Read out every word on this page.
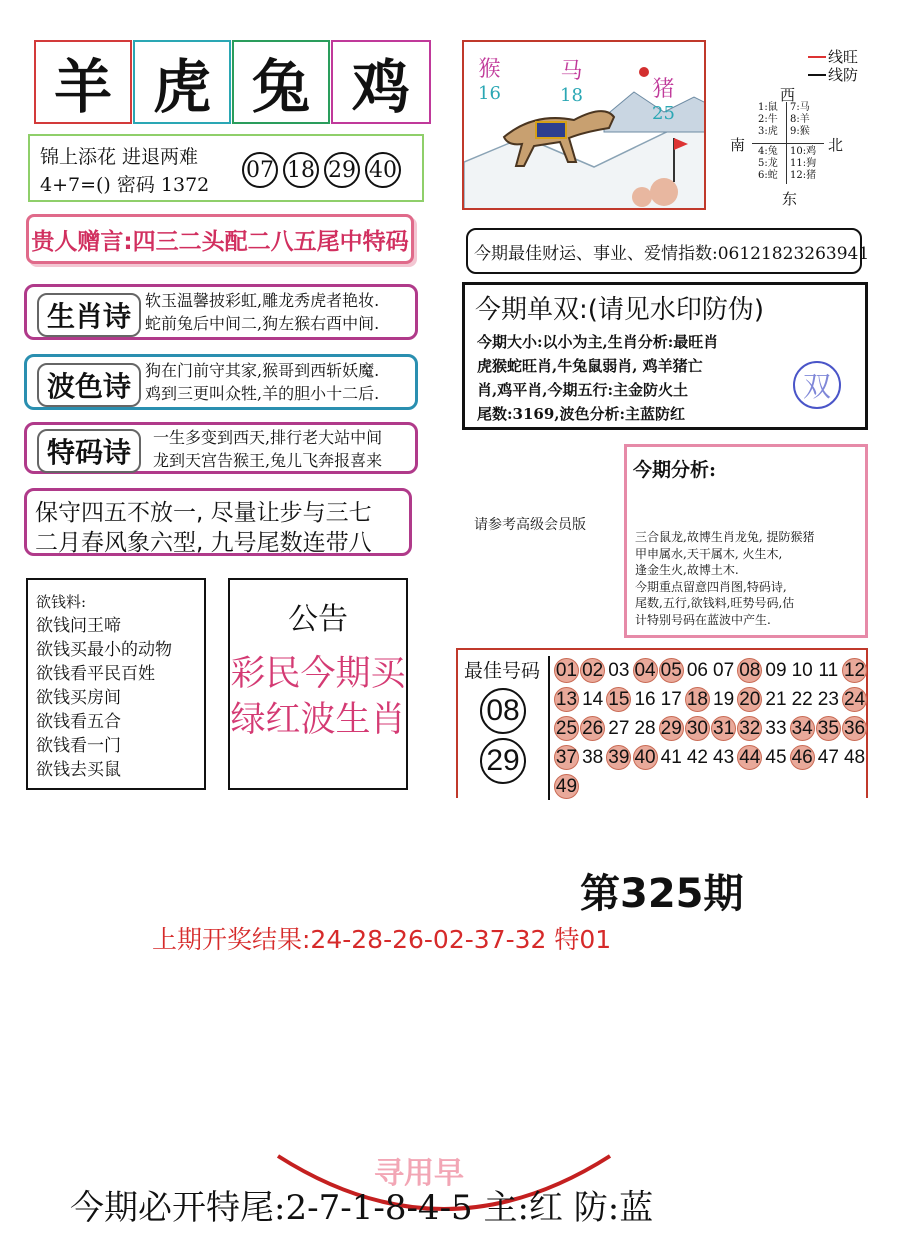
羊 虎 兔 鸡
锦上添花 进退两难
4+7=() 密码 1372
07 18 29 40
贵人赠言:四三二头配二八五尾中特码
生肖诗 软玉温馨披彩虹,雕龙秀虎者艳妆.
蛇前兔后中间二,狗左猴右酉中间.
波色诗 狗在门前守其家,猴哥到西斩妖魔.
鸡到三更叫众牲,羊的胆小十二后.
特码诗	一生多变到西天,排行老大站中间
龙到天宫告猴王,兔儿飞奔报喜来
保守四五不放一, 尽量让步与三七
二月春风象六型, 九号尾数连带八
欲钱料:
欲钱问王啼
欲钱买最小的动物
欲钱看平民百姓
欲钱买房间
欲钱看五合
欲钱看一门
欲钱去买鼠
公告
彩民今期买
绿红波生肖
猴
16
马
18	猪
25
线旺
线防
西
南	北
东
1:鼠
2:牛
3:虎
4:兔
5:龙
6:蛇
7:马
8:羊
9:猴
10:鸡
11:狗
12:猪
今期最佳财运、事业、爱情指数:06121823263941
今期单双:(请见水印防伪)
今期大小:以小为主,生肖分析:最旺肖
虎猴蛇旺肖,牛兔鼠弱肖, 鸡羊猪亡
肖,鸡平肖,今期五行:主金防火土
尾数:3169,波色分析:主蓝防红
双
请参考高级会员版
今期分析:
三合鼠龙,故博生肖龙兔, 提防猴猪
甲申属水,天干属木, 火生木,
逢金生火,故博土木.
今期重点留意四肖图,特码诗,
尾数,五行,欲钱料,旺势号码,估
计特别号码在蓝波中产生.
最佳号码
08
29
01 02 03 04 05 06 07 08 09 10 11 12
13 14 15 16 17 18 19 20 21 22 23 24
25 26 27 28 29 30 31 32 33 34 35 36
37 38 39 40 41 42 43 44 45 46 47 48
49
第325期
上期开奖结果:24-28-26-02-37-32 特01
寻用早
今期必开特尾:2-7-1-8-4-5 主:红 防:蓝
